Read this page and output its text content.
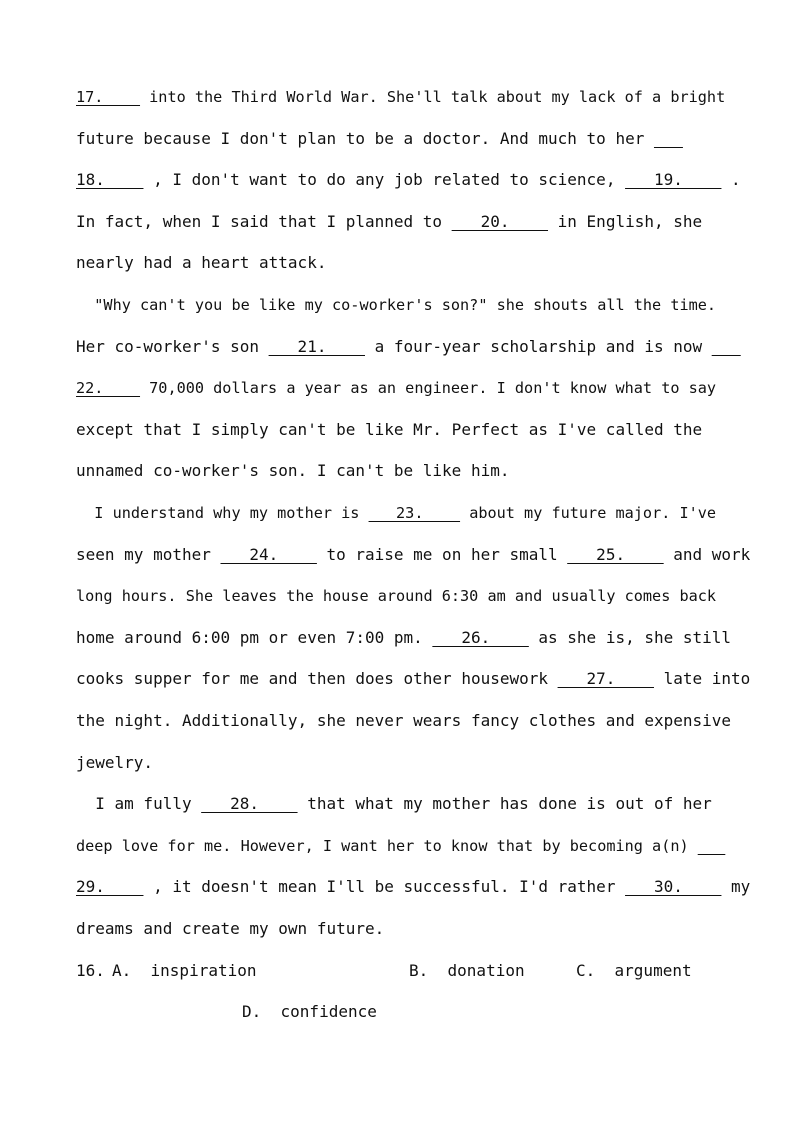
17.____ into the Third World War. She'll talk about my lack of a bright
future because I don't plan to be a doctor. And much to her ___
18.____ , I don't want to do any job related to science, ___19.____ .
In fact, when I said that I planned to ___20.____ in English, she
nearly had a heart attack.
"Why can't you be like my co-worker's son?" she shouts all the time.
Her co-worker's son ___21.____ a four-year scholarship and is now ___
22.____ 70,000 dollars a year as an engineer. I don't know what to say
except that I simply can't be like Mr. Perfect as I've called the
unnamed co-worker's son. I can't be like him.
I understand why my mother is ___23.____ about my future major. I've
seen my mother ___24.____ to raise me on her small ___25.____ and work
long hours. She leaves the house around 6:30 am and usually comes back
home around 6:00 pm or even 7:00 pm. ___26.____ as she is, she still
cooks supper for me and then does other housework ___27.____ late into
the night. Additionally, she never wears fancy clothes and expensive
jewelry.
I am fully ___28.____ that what my mother has done is out of her
deep love for me. However, I want her to know that by becoming a(n) ___
29.____ , it doesn't mean I'll be successful. I'd rather ___30.____ my
dreams and create my own future.
16. A.  inspiration	B.  donation	C.  argument
D.  confidence
